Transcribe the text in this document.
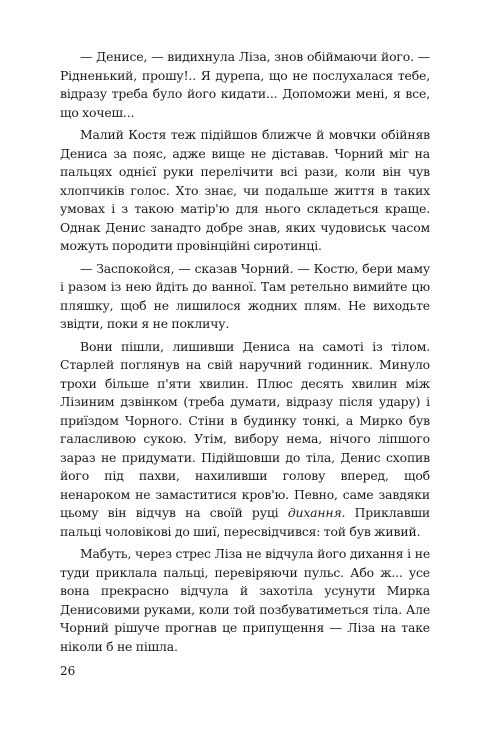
— Денисе, — видихнула Ліза, знов обіймаючи його. — Рідненький, прошу!.. Я дурепа, що не послухалася тебе, відразу треба було його кидати... Допоможи мені, я все, що хочеш...

Малий Костя теж підійшов ближче й мовчки обійняв Дениса за пояс, адже вище не діставав. Чорний міг на пальцях однієї руки перелічити всі рази, коли він чув хлопчиків голос. Хто знає, чи подальше життя в таких умовах і з такою матір'ю для нього складеться краще. Однак Денис занадто добре знав, яких чудовиськ часом можуть породити провінційні сиротинці.

— Заспокойся, — сказав Чорний. — Костю, бери маму і разом із нею йдіть до ванної. Там ретельно вимийте цю пляшку, щоб не лишилося жодних плям. Не виходьте звідти, поки я не покличу.

Вони пішли, лишивши Дениса на самоті із тілом. Старлей поглянув на свій наручний годинник. Минуло трохи більше п'яти хвилин. Плюс десять хвилин між Лізиним дзвінком (треба думати, відразу після удару) і приїздом Чорного. Стіни в будинку тонкі, а Мирко був галасливою сукою. Утім, вибору нема, нічого ліпшого зараз не придумати. Підійшовши до тіла, Денис схопив його під пахви, нахиливши голову вперед, щоб ненароком не замаститися кров'ю. Певно, саме завдяки цьому він відчув на своїй руці дихання. Приклавши пальці чоловікові до шиї, пересвідчився: той був живий.

Мабуть, через стрес Ліза не відчула його дихання і не туди приклала пальці, перевіряючи пульс. Або ж... усе вона прекрасно відчула й захотіла усунути Мирка Денисовими руками, коли той позбуватиметься тіла. Але Чорний рішуче прогнав це припущення — Ліза на таке ніколи б не пішла.

26
